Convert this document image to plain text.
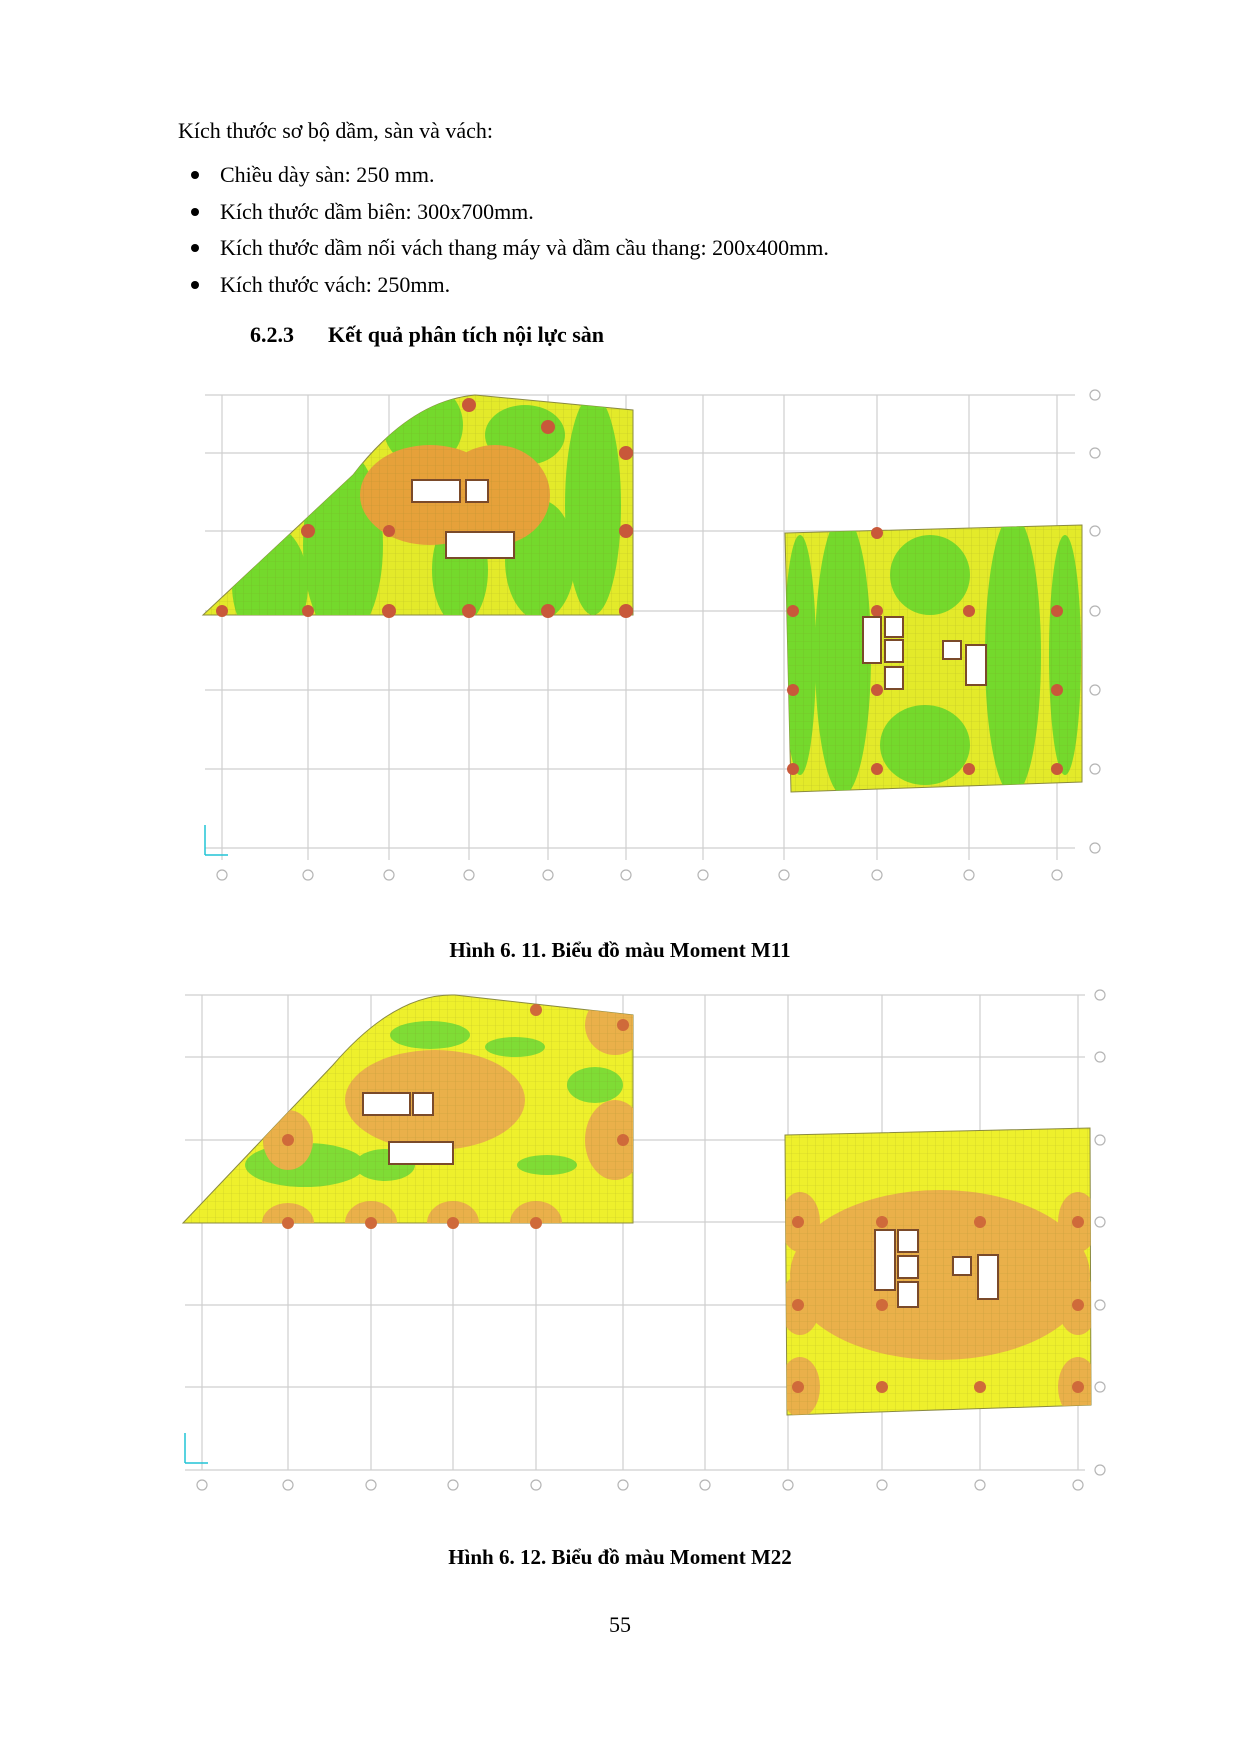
Kích thước sơ bộ dầm, sàn và vách:
Chiều dày sàn: 250 mm.
Kích thước dầm biên: 300x700mm.
Kích thước dầm nối vách thang máy và dầm cầu thang: 200x400mm.
Kích thước vách: 250mm.
6.2.3 Kết quả phân tích nội lực sàn
Hình 6. 11. Biểu đồ màu Moment M11
Hình 6. 12. Biểu đồ màu Moment M22
55
